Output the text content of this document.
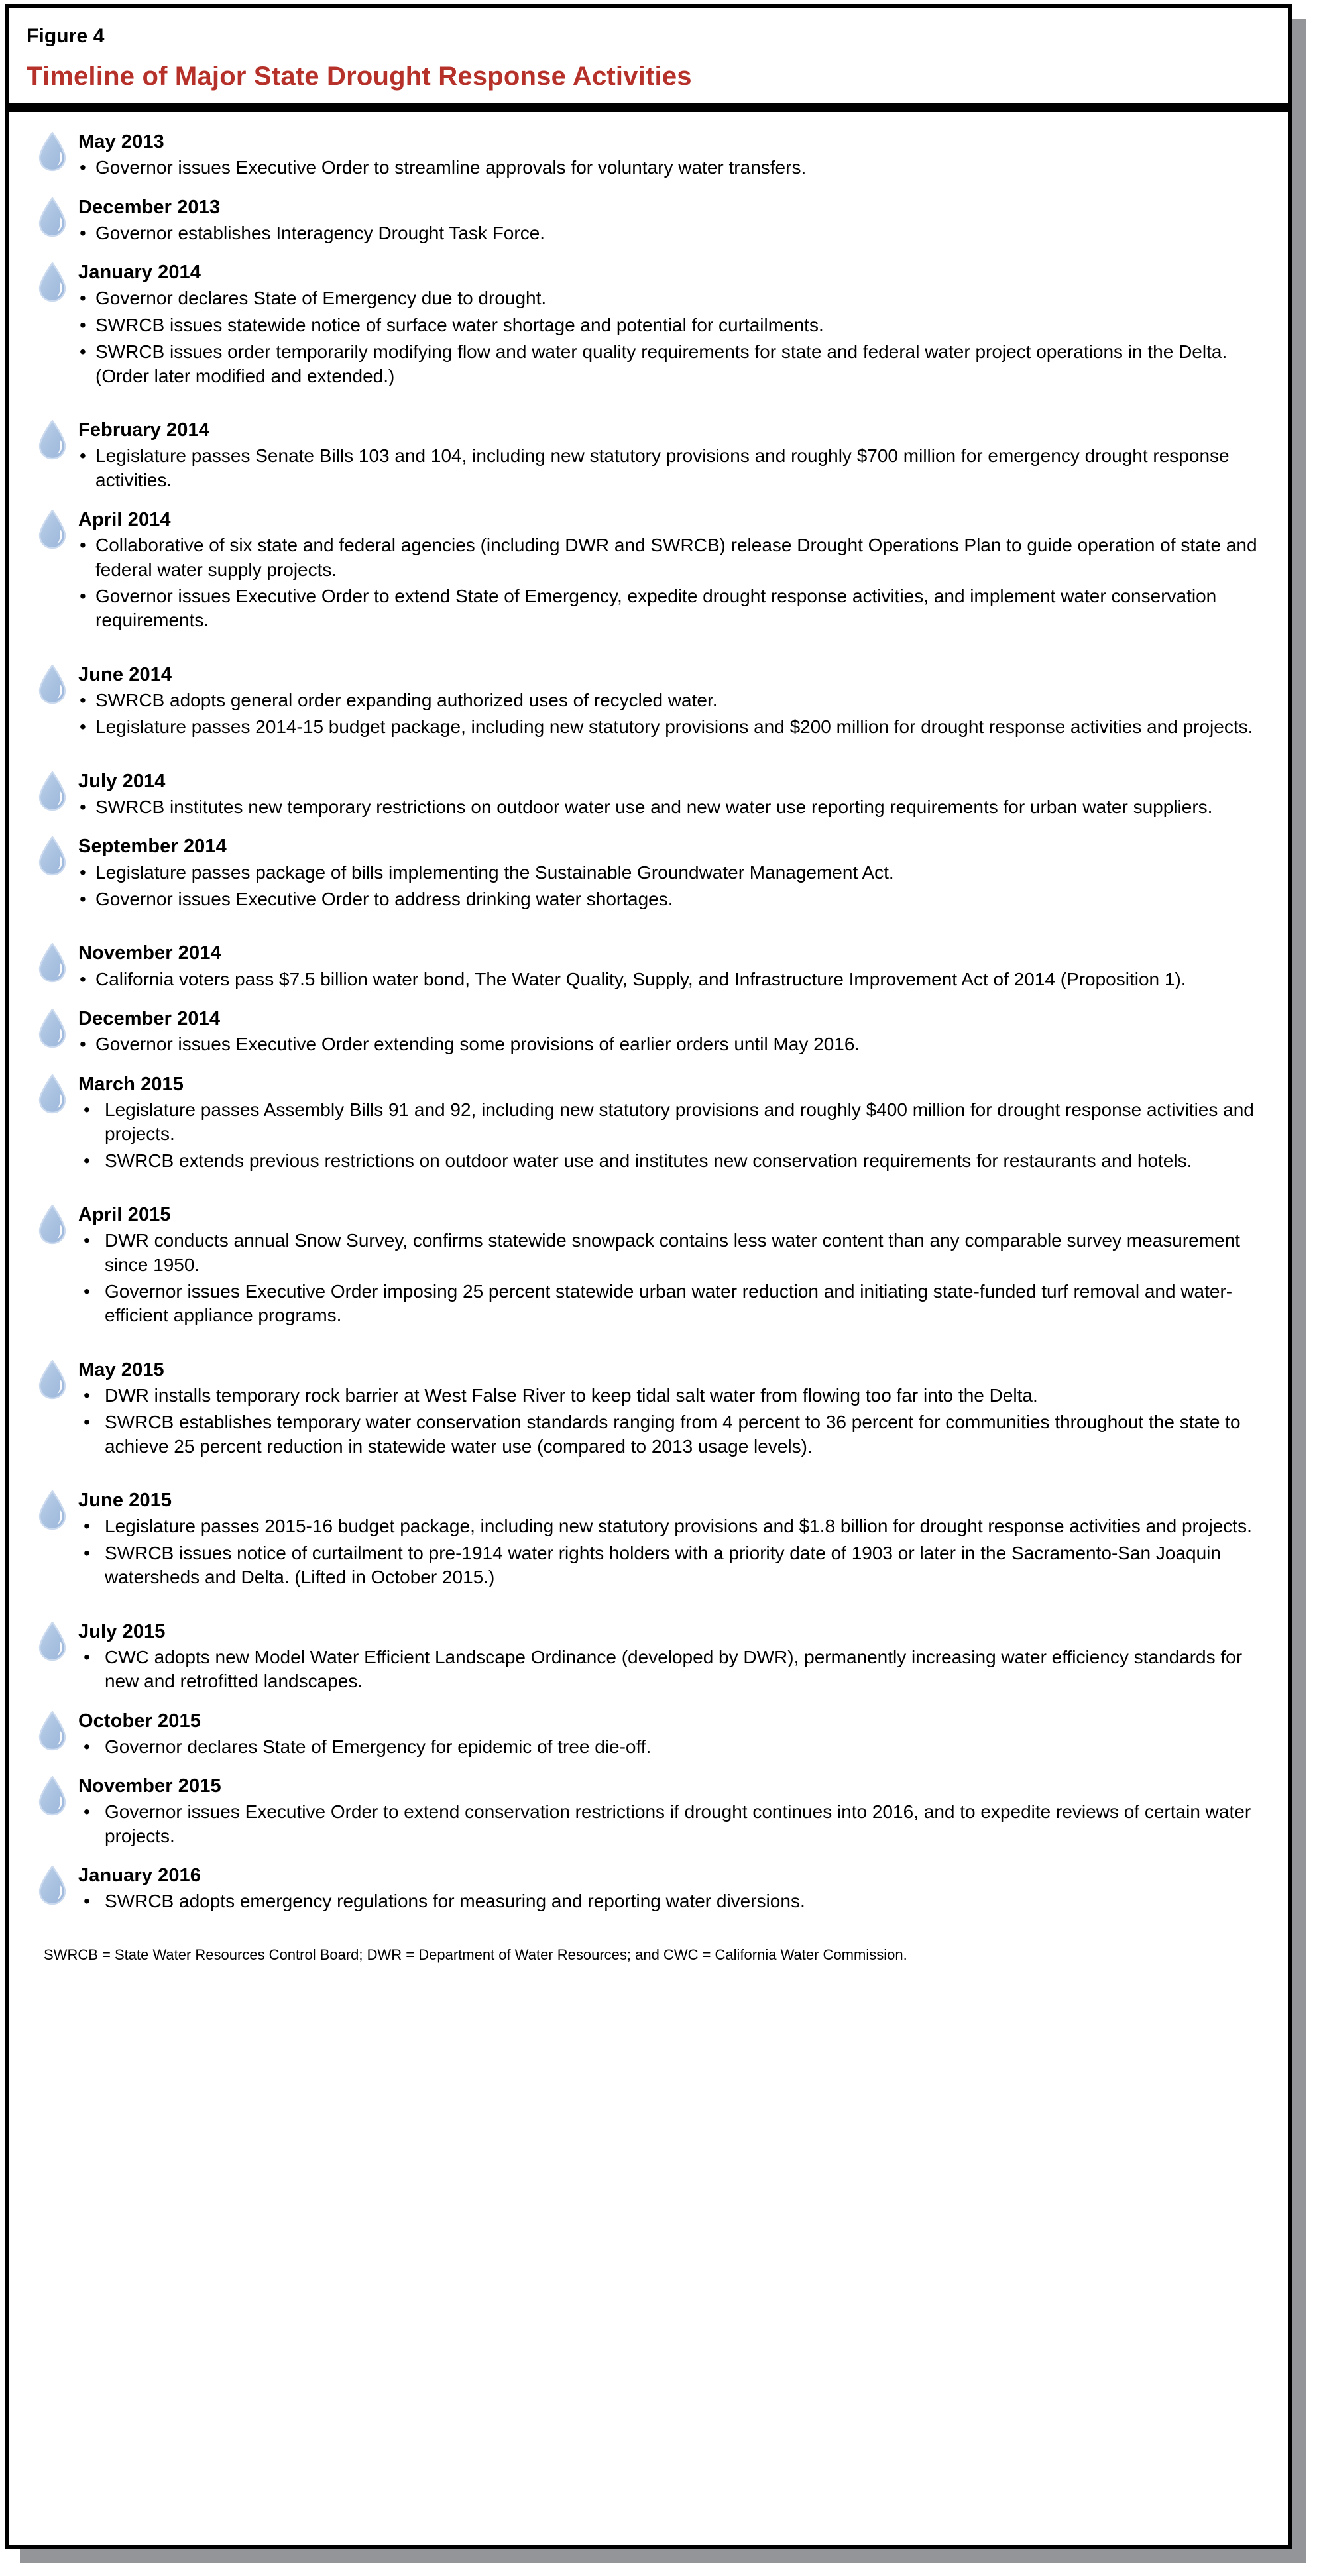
Figure 4
Timeline of Major State Drought Response Activities
May 2013
• Governor issues Executive Order to streamline approvals for voluntary water transfers.
December 2013
• Governor establishes Interagency Drought Task Force.
January 2014
• Governor declares State of Emergency due to drought.
• SWRCB issues statewide notice of surface water shortage and potential for curtailments.
• SWRCB issues order temporarily modifying flow and water quality requirements for state and federal water project operations in the Delta. (Order later modified and extended.)
February 2014
• Legislature passes Senate Bills 103 and 104, including new statutory provisions and roughly $700 million for emergency drought response activities.
April 2014
• Collaborative of six state and federal agencies (including DWR and SWRCB) release Drought Operations Plan to guide operation of state and federal water supply projects.
• Governor issues Executive Order to extend State of Emergency, expedite drought response activities, and implement water conservation requirements.
June 2014
• SWRCB adopts general order expanding authorized uses of recycled water.
• Legislature passes 2014-15 budget package, including new statutory provisions and $200 million for drought response activities and projects.
July 2014
• SWRCB institutes new temporary restrictions on outdoor water use and new water use reporting requirements for urban water suppliers.
September 2014
• Legislature passes package of bills implementing the Sustainable Groundwater Management Act.
• Governor issues Executive Order to address drinking water shortages.
November 2014
• California voters pass $7.5 billion water bond, The Water Quality, Supply, and Infrastructure Improvement Act of 2014 (Proposition 1).
December 2014
• Governor issues Executive Order extending some provisions of earlier orders until May 2016.
March 2015
• Legislature passes Assembly Bills 91 and 92, including new statutory provisions and roughly $400 million for drought response activities and projects.
• SWRCB extends previous restrictions on outdoor water use and institutes new conservation requirements for restaurants and hotels.
April 2015
• DWR conducts annual Snow Survey, confirms statewide snowpack contains less water content than any comparable survey measurement since 1950.
• Governor issues Executive Order imposing 25 percent statewide urban water reduction and initiating state-funded turf removal and water-efficient appliance programs.
May 2015
• DWR installs temporary rock barrier at West False River to keep tidal salt water from flowing too far into the Delta.
• SWRCB establishes temporary water conservation standards ranging from 4 percent to 36 percent for communities throughout the state to achieve 25 percent reduction in statewide water use (compared to 2013 usage levels).
June 2015
• Legislature passes 2015-16 budget package, including new statutory provisions and $1.8 billion for drought response activities and projects.
• SWRCB issues notice of curtailment to pre-1914 water rights holders with a priority date of 1903 or later in the Sacramento-San Joaquin watersheds and Delta. (Lifted in October 2015.)
July 2015
• CWC adopts new Model Water Efficient Landscape Ordinance (developed by DWR), permanently increasing water efficiency standards for new and retrofitted landscapes.
October 2015
• Governor declares State of Emergency for epidemic of tree die-off.
November 2015
• Governor issues Executive Order to extend conservation restrictions if drought continues into 2016, and to expedite reviews of certain water projects.
January 2016
• SWRCB adopts emergency regulations for measuring and reporting water diversions.

SWRCB = State Water Resources Control Board; DWR = Department of Water Resources; and CWC = California Water Commission.
